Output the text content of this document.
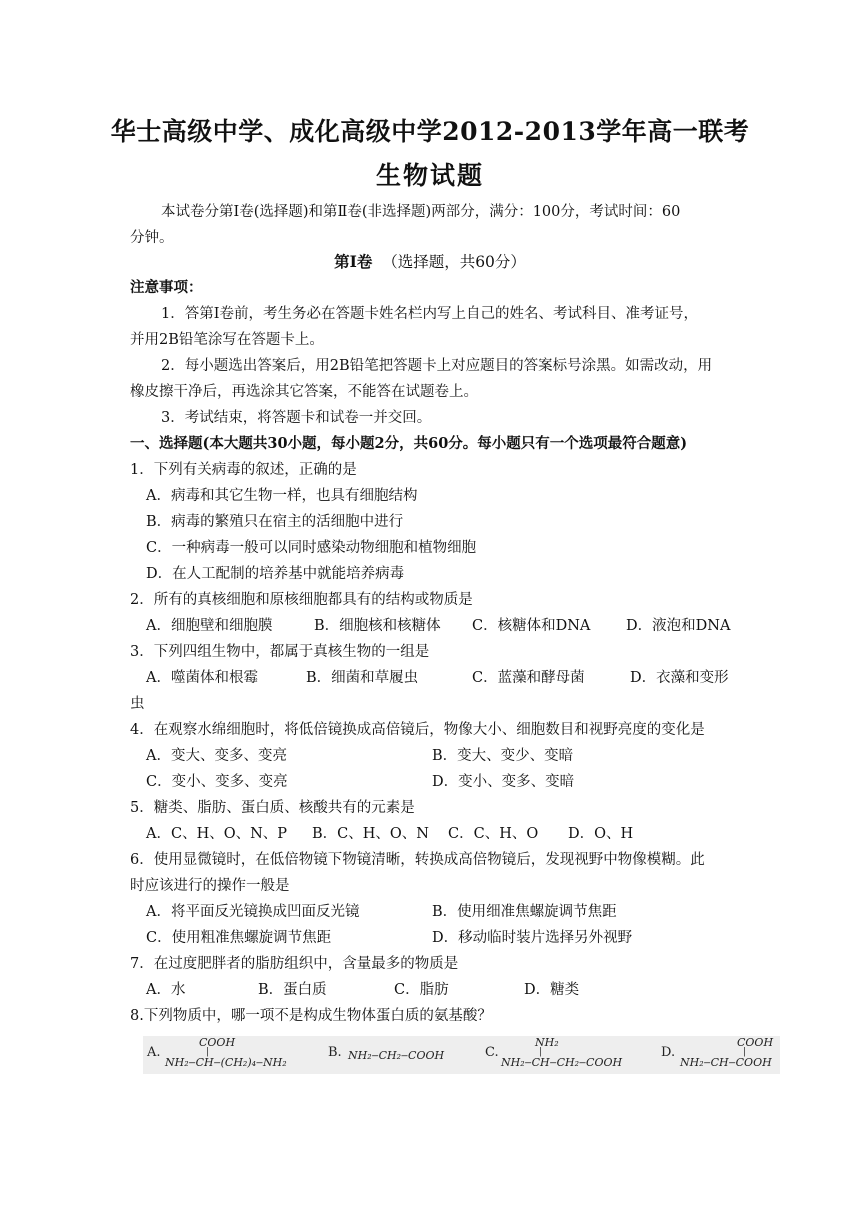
华士高级中学、成化高级中学2012-2013学年高一联考
生物试题
本试卷分第Ⅰ卷(选择题)和第Ⅱ卷(非选择题)两部分，满分：100分，考试时间：60
分钟。
第Ⅰ卷 （选择题，共60分）
注意事项：
1．答第Ⅰ卷前，考生务必在答题卡姓名栏内写上自己的姓名、考试科目、准考证号，
并用2B铅笔涂写在答题卡上。
2．每小题选出答案后，用2B铅笔把答题卡上对应题目的答案标号涂黑。如需改动，用
橡皮擦干净后，再选涂其它答案，不能答在试题卷上。
3．考试结束，将答题卡和试卷一并交回。
一、选择题(本大题共30小题，每小题2分，共60分。每小题只有一个选项最符合题意)
1．下列有关病毒的叙述，正确的是
A．病毒和其它生物一样，也具有细胞结构
B．病毒的繁殖只在宿主的活细胞中进行
C．一种病毒一般可以同时感染动物细胞和植物细胞
D．在人工配制的培养基中就能培养病毒
2．所有的真核细胞和原核细胞都具有的结构或物质是
A．细胞壁和细胞膜	B．细胞核和核糖体 C．核糖体和DNA D．液泡和DNA
3．下列四组生物中，都属于真核生物的一组是
A．噬菌体和根霉	B．细菌和草履虫	C．蓝藻和酵母菌	D．衣藻和变形
虫
4．在观察水绵细胞时，将低倍镜换成高倍镜后，物像大小、细胞数目和视野亮度的变化是
A．变大、变多、变亮	B．变大、变少、变暗
C．变小、变多、变亮	D．变小、变多、变暗
5．糖类、脂肪、蛋白质、核酸共有的元素是
A．C、H、O、N、P B．C、H、O、N C．C、H、O D．O、H
6．使用显微镜时，在低倍物镜下物镜清晰，转换成高倍物镜后，发现视野中物像模糊。此
时应该进行的操作一般是
A．将平面反光镜换成凹面反光镜	B．使用细准焦螺旋调节焦距
C．使用粗准焦螺旋调节焦距	D．移动临时装片选择另外视野
7．在过度肥胖者的脂肪组织中，含量最多的物质是
A．水	B．蛋白质	C．脂肪	D．糖类
8.下列物质中，哪一项不是构成生物体蛋白质的氨基酸？
A.
COOH
|
NH₂‒CH‒(CH₂)₄‒NH₂
B. NH₂‒CH₂‒COOH	C.
NH₂
|
NH₂‒CH‒CH₂‒COOH
D.
COOH
|
NH₂‒CH‒COOH
